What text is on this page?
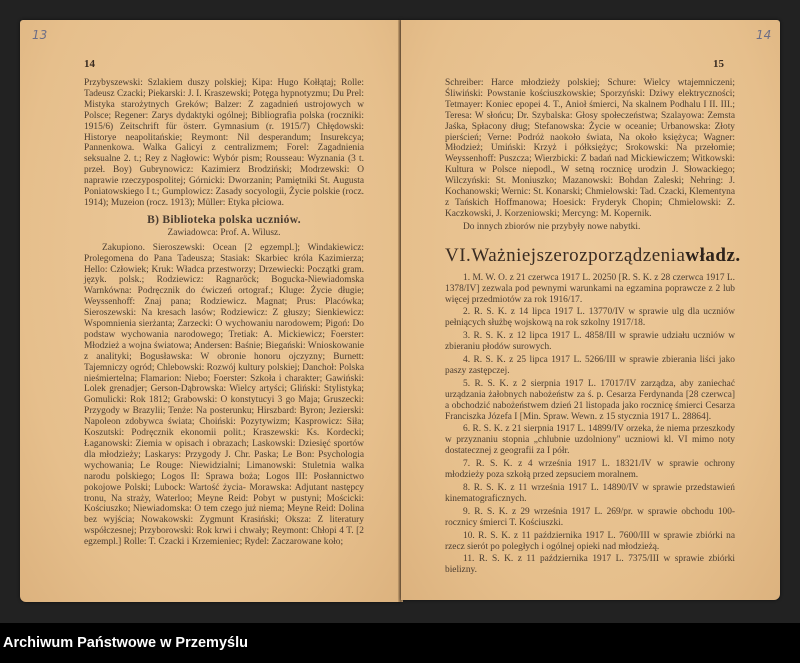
13
14

Przybyszewski: Szlakiem duszy polskiej; Kipa: Hugo Kołłątaj; Rolle: Tadeusz Czacki; Piekarski: J. I. Kraszewski; Potęga hypnotyzmu; Du Prel: Mistyka starożytnych Greków; Balzer: Z zagadnień ustrojowych w Polsce; Regener: Zarys dydaktyki ogólnej; Bibliografia polska (roczniki: 1915/6) Zeitschrift für österr. Gymnasium (r. 1915/7) Chłędowski: Historye neapolitańskie; Reymont: Nil desperandum; Insurekcya; Pannenkowa. Walka Galicyi z centralizmem; Forel: Zagadnienia seksualne 2. t.; Rey z Nagłowic: Wybór pism; Rousseau: Wyznania (3 t. przeł. Boy) Gubrynowicz: Kazimierz Brodziński; Modrzewski: O naprawie rzeczypospolitej; Górnicki: Dworzanin; Pamiętniki St. Augusta Poniatowskiego I t.; Gumplowicz: Zasady socyologii, Życie polskie (rocz. 1914); Muzeion (rocz. 1913); Müller: Etyka płciowa.

B) Biblioteka polska uczniów.

Zawiadowca: Prof. A. Wilusz.

Zakupiono. Sieroszewski: Ocean [2 egzempl.]; Windakiewicz: Prolegomena do Pana Tadeusza; Stasiak: Skarbiec króla Kazimierza; Hello: Człowiek; Kruk: Władca przestworzy; Drzewiecki: Początki gram. język. polsk.; Rodziewicz: Ragnaröck; Bogucka-Niewiadomska Warnkówna: Podręcznik do ćwiczeń ortograf.; Kluge: Życie długie; Weyssenhoff: Znaj pana; Rodziewicz. Magnat; Prus: Placówka; Sieroszewski: Na kresach lasów; Rodziewicz: Z głuszy; Sienkiewicz: Wspomnienia sierżanta; Zarzecki: O wychowaniu narodowem; Pigoń: Do podstaw wychowania narodowego; Tretiak: A. Mickiewicz; Foerster: Młodzież a wojna światowa; Andersen: Baśnie; Biegański: Wnioskowanie z analityki; Bogusławska: W obronie honoru ojczyzny; Burnett: Tajemniczy ogród; Chlebowski: Rozwój kultury polskiej; Danchoł: Polska nieśmiertelna; Flamarion: Niebo; Foerster: Szkoła i charakter; Gawiński: Lolek grenadjer; Gerson-Dąbrowska: Wielcy artyści; Gliński: Stylistyka; Gomulicki: Rok 1812; Grabowski: O konstytucyi 3 go Maja; Gruszecki: Przygody w Brazylii; Tenże: Na posterunku; Hirszbard: Byron; Jezierski: Napoleon zdobywca świata; Choiński: Pozytywizm; Kasprowicz: Siła; Koszutski: Podręcznik ekonomii polit.; Kraszewski: Ks. Kordecki; Łaganowski: Ziemia w opisach i obrazach; Laskowski: Dziesięć sportów dla młodzieży; Laskarys: Przygody J. Chr. Paska; Le Bon: Psychologia wychowania; Le Rouge: Niewidzialni; Limanowski: Stuletnia walka narodu polskiego; Logos II: Sprawa boża; Logos III: Posłannictwo pokojowe Polski; Lubock: Wartość życia- Morawska: Adjutant następcy tronu, Na straży, Waterloo; Meyne Reid: Pobyt w pustyni; Mościcki: Kościuszko; Niewiadomska: O tem czego już niema; Meyne Reid: Dolina bez wyjścia; Nowakowski: Zygmunt Krasiński; Oksza: Z literatury współczesnej; Przyborowski: Rok krwi i chwały; Reymont: Chłopi 4 T. [2 egzempl.] Rolle: T. Czacki i Krzemieniec; Rydel: Zaczarowane koło;

14
15

Schreiber: Harce młodzieży polskiej; Schure: Wielcy wtajemniczeni; Śliwiński: Powstanie kościuszkowskie; Sporzyński: Dziwy elektryczności; Tetmayer: Koniec epopei 4. T., Anioł śmierci, Na skalnem Podhalu I II. III.; Teresa: W słońcu; Dr. Szybalska: Głosy społeczeństwa; Szalayowa: Zemsta Jaśka, Spłacony dług; Stefanowska: Życie w oceanie; Urbanowska: Złoty pierścień; Verne: Podróż naokoło świata, Na około księżyca; Wagner: Młodzież; Umiński: Krzyż i półksiężyc; Srokowski: Na przełomie; Weyssenhoff: Puszcza; Wierzbicki: Z badań nad Mickiewiczem; Witkowski: Kultura w Polsce niepodl., W setną rocznicę urodzin J. Słowackiego; Wilczyński: St. Moniuszko; Mazanowski: Bohdan Zaleski; Nehring: J. Kochanowski; Wernic: St. Konarski; Chmielowski: Tad. Czacki, Klementyna z Tańskich Hoffmanowa; Hoesick: Fryderyk Chopin; Chmielowski: Z. Kaczkowski, J. Korzeniowski; Mercyng: M. Kopernik.

Do innych zbiorów nie przybyły nowe nabytki.

VI. Ważniejsze rozporządzenia władz.

1. M. W. O. z 21 czerwca 1917 L. 20250 [R. S. K. z 28 czerwca 1917 L. 1378/IV] zezwala pod pewnymi warunkami na egzamina poprawcze z 2 lub więcej przedmiotów za rok 1916/17.

2. R. S. K. z 14 lipca 1917 L. 13770/IV w sprawie ulg dla uczniów pełniących służbę wojskową na rok szkolny 1917/18.

3. R. S. K. z 12 lipca 1917 L. 4858/III w sprawie udziału uczniów w zbieraniu płodów surowych.

4. R. S. K. z 25 lipca 1917 L. 5266/III w sprawie zbierania liści jako paszy zastępczej.

5. R. S. K. z 2 sierpnia 1917 L. 17017/IV zarządza, aby zaniechać urządzania żałobnych nabożeństw za ś. p. Cesarza Ferdynanda [28 czerwca] a obchodzić nabożeństwem dzień 21 listopada jako rocznicę śmierci Cesarza Franciszka Józefa I [Min. Spraw. Wewn. z 15 stycznia 1917 L. 28864].

6. R. S. K. z 21 sierpnia 1917 L. 14899/IV orzeka, że niema przeszkody w przyznaniu stopnia „chlubnie uzdolniony" uczniowi kl. VI mimo noty dostatecznej z geografii za I półr.

7. R. S. K. z 4 września 1917 L. 18321/IV w sprawie ochrony młodzieży poza szkołą przed zepsuciem moralnem.

8. R. S. K. z 11 września 1917 L. 14890/IV w sprawie przedstawień kinematograficznych.

9. R. S. K. z 29 września 1917 L. 269/pr. w sprawie obchodu 100-rocznicy śmierci T. Kościuszki.

10. R. S. K. z 11 października 1917 L. 7600/III w sprawie zbiórki na rzecz sierót po poległych i ogólnej opieki nad młodzieżą.

11. R. S. K. z 11 października 1917 L. 7375/III w sprawie zbiórki bielizny.

Archiwum Państwowe w Przemyślu
